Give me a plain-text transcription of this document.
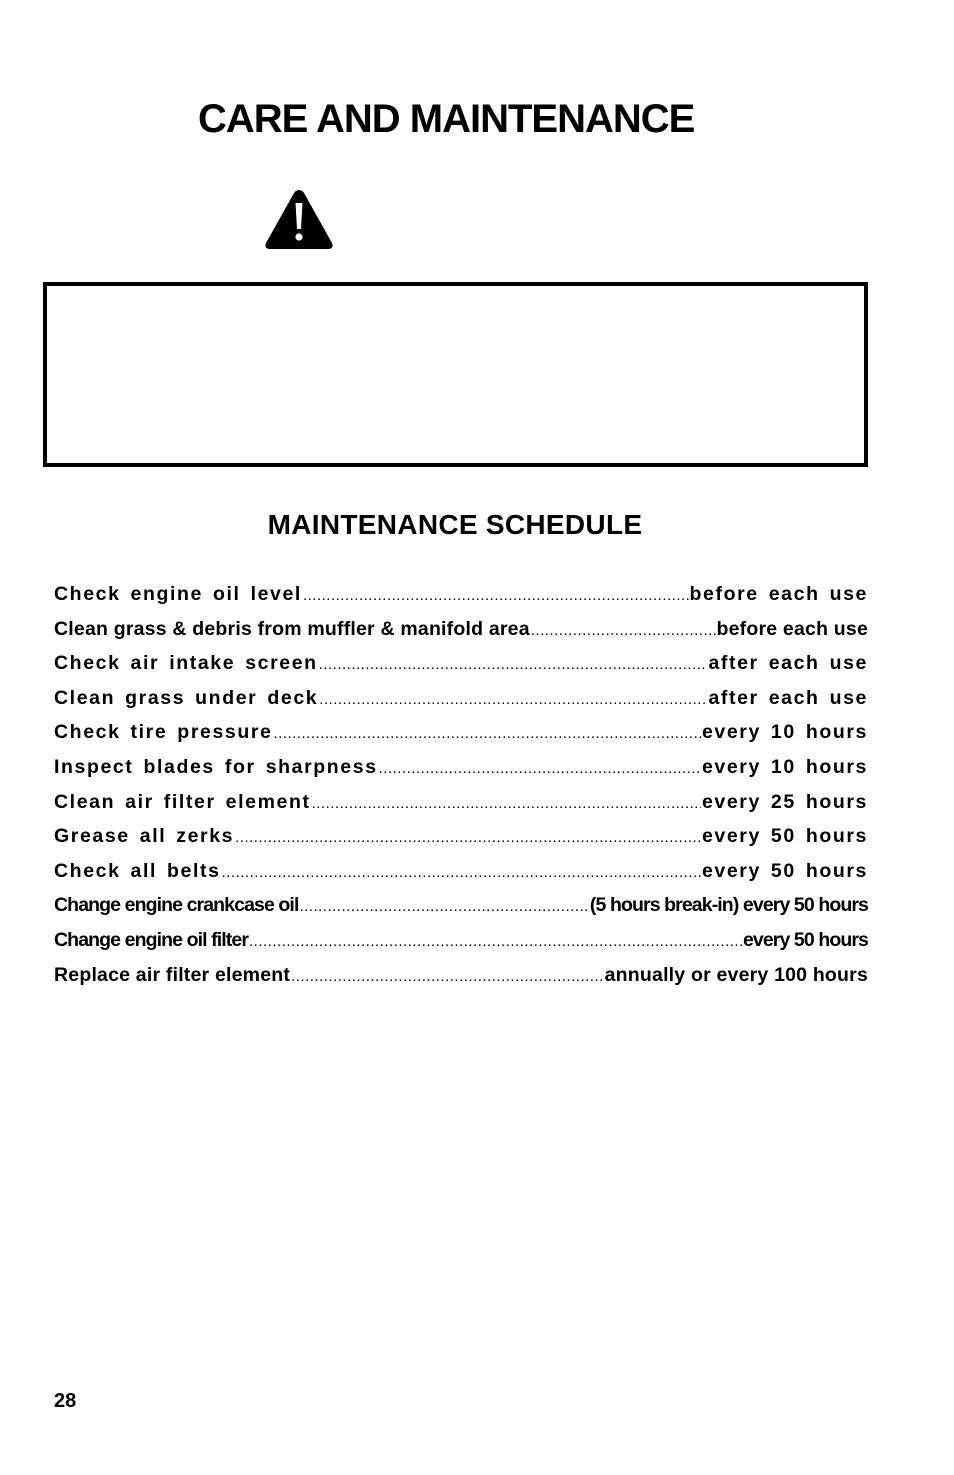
CARE AND MAINTENANCE
MAINTENANCE SCHEDULE
Check engine oil level .....	before each use
Clean grass & debris from muffler & manifold area .....	before each use
Check air intake screen .....	after each use
Clean grass under deck .....	after each use
Check tire pressure .....	every 10 hours
Inspect blades for sharpness .....	every 10 hours
Clean air filter element .....	every 25 hours
Grease all zerks .....	every 50 hours
Check all belts .....	every 50 hours
Change engine crankcase oil .....	(5 hours break-in) every 50 hours
Change engine oil filter .....	every 50 hours
Replace air filter element .....	annually or every 100 hours
28
